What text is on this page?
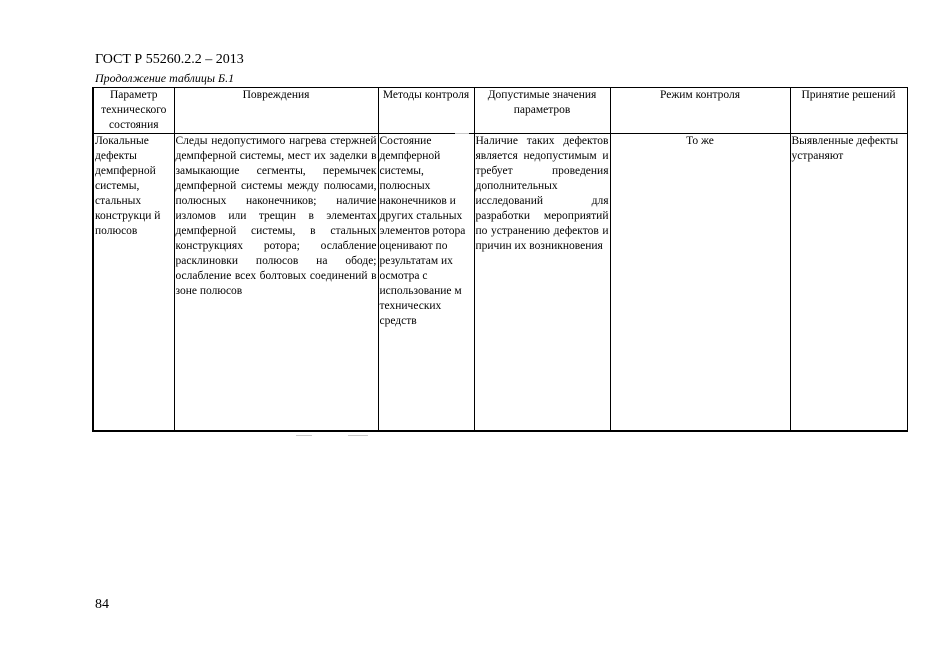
ГОСТ Р 55260.2.2 – 2013
Продолжение таблицы Б.1
Параметр технического состояния	Повреждения	Методы контроля	Допустимые значения параметров	Режим контроля	Принятие решений
Локальные дефекты демпферной системы, стальных конструкци й полюсов	Следы недопустимого нагрева стержней демпферной системы, мест их заделки в замыкающие сегменты, перемычек демпферной системы между полюсами, полюсных наконечников; наличие изломов или трещин в элементах демпферной системы, в стальных конструкциях ротора; ослабление расклиновки полюсов на ободе; ослабление всех болтовых соединений в зоне полюсов	Состояние демпферной системы, полюсных наконечников и других стальных элементов ротора оценивают по результатам их осмотра с использование м технических средств	Наличие таких дефектов является недопустимым и требует проведения дополнительных исследований для разработки мероприятий по устранению дефектов и причин их возникновения	То же	Выявленные дефекты устраняют
84
